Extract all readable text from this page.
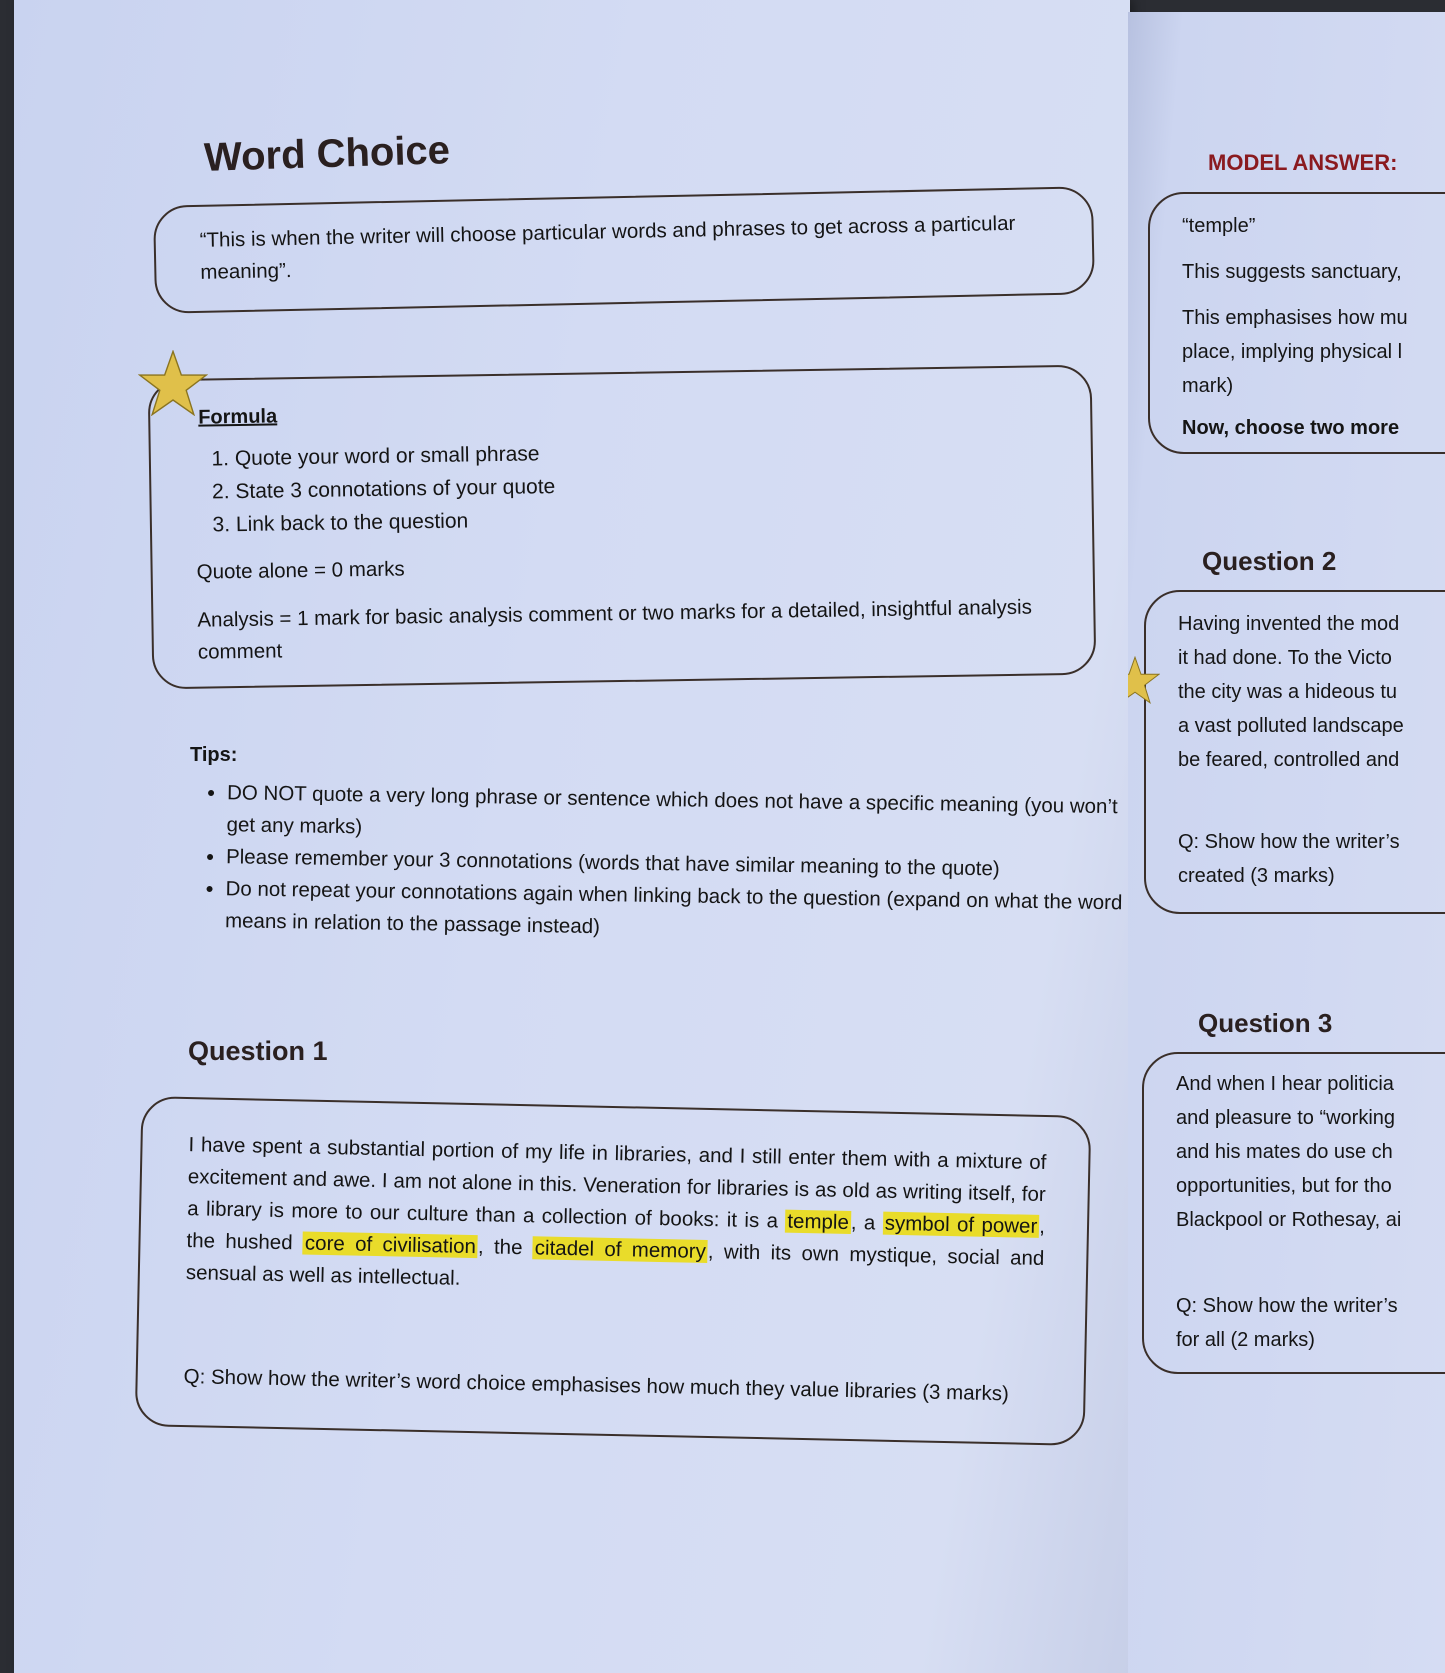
Word Choice
“This is when the writer will choose particular words and phrases to get across a particular meaning”.
Formula
1. Quote your word or small phrase
2. State 3 connotations of your quote
3. Link back to the question
Quote alone = 0 marks
Analysis = 1 mark for basic analysis comment or two marks for a detailed, insightful analysis comment
Tips:
• DO NOT quote a very long phrase or sentence which does not have a specific meaning (you won’t get any marks)
• Please remember your 3 connotations (words that have similar meaning to the quote)
• Do not repeat your connotations again when linking back to the question (expand on what the word means in relation to the passage instead)
Question 1
I have spent a substantial portion of my life in libraries, and I still enter them with a mixture of excitement and awe. I am not alone in this. Veneration for libraries is as old as writing itself, for a library is more to our culture than a collection of books: it is a temple, a symbol of power, the hushed core of civilisation, the citadel of memory, with its own mystique, social and sensual as well as intellectual.
Q: Show how the writer’s word choice emphasises how much they value libraries (3 marks)
MODEL ANSWER:
“temple”
This suggests sanctuary,
This emphasises how mu
place, implying physical l
mark)
Now, choose two more
Question 2
Having invented the mod
it had done. To the Victo
the city was a hideous tu
a vast polluted landscape
be feared, controlled and
Q: Show how the writer’s
created (3 marks)
Question 3
And when I hear politicia
and pleasure to “working
and his mates do use ch
opportunities, but for tho
Blackpool or Rothesay, ai
Q: Show how the writer’s
for all (2 marks)
